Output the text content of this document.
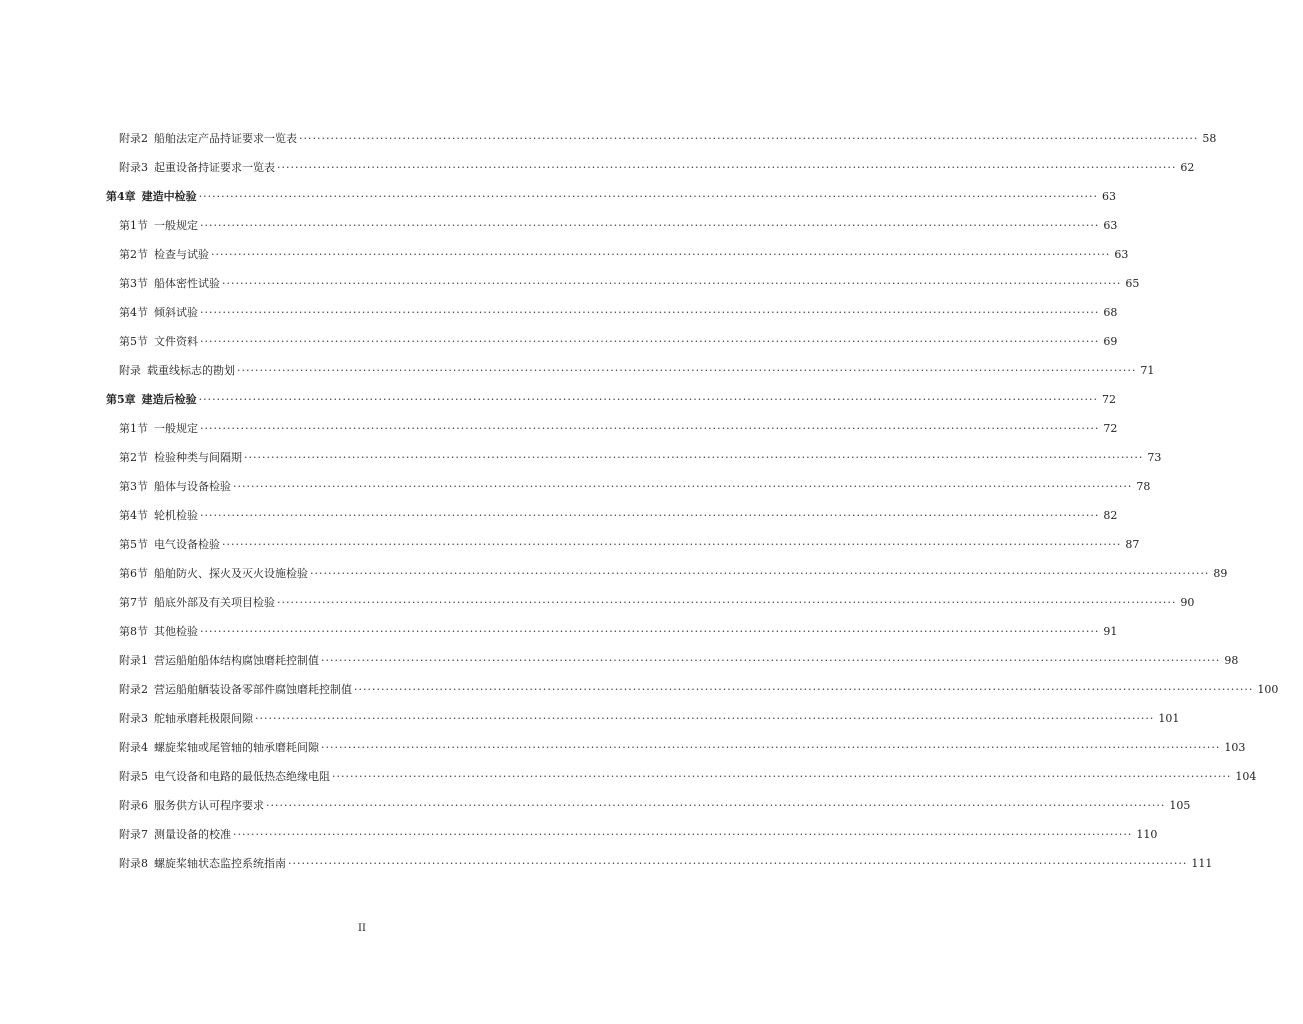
附录2 船舶法定产品持证要求一览表 ········································································································································································································ 58
附录3 起重设备持证要求一览表 ········································································································································································································ 62
第4章 建造中检验 ········································································································································································································ 63
第1节 一般规定 ········································································································································································································ 63
第2节 检查与试验 ········································································································································································································ 63
第3节 船体密性试验 ········································································································································································································ 65
第4节 倾斜试验 ········································································································································································································ 68
第5节 文件资料 ········································································································································································································ 69
附录 载重线标志的勘划 ········································································································································································································ 71
第5章 建造后检验 ········································································································································································································ 72
第1节 一般规定 ········································································································································································································ 72
第2节 检验种类与间隔期 ········································································································································································································ 73
第3节 船体与设备检验 ········································································································································································································ 78
第4节 轮机检验 ········································································································································································································ 82
第5节 电气设备检验 ········································································································································································································ 87
第6节 船舶防火、探火及灭火设施检验 ········································································································································································································ 89
第7节 船底外部及有关项目检验 ········································································································································································································ 90
第8节 其他检验 ········································································································································································································ 91
附录1 营运船舶船体结构腐蚀磨耗控制值 ········································································································································································································ 98
附录2 营运船舶舾装设备零部件腐蚀磨耗控制值 ········································································································································································································ 100
附录3 舵轴承磨耗极限间隙 ········································································································································································································ 101
附录4 螺旋桨轴或尾管轴的轴承磨耗间隙 ········································································································································································································ 103
附录5 电气设备和电路的最低热态绝缘电阻 ········································································································································································································ 104
附录6 服务供方认可程序要求 ········································································································································································································ 105
附录7 测量设备的校准 ········································································································································································································ 110
附录8 螺旋桨轴状态监控系统指南 ········································································································································································································ 111
II
